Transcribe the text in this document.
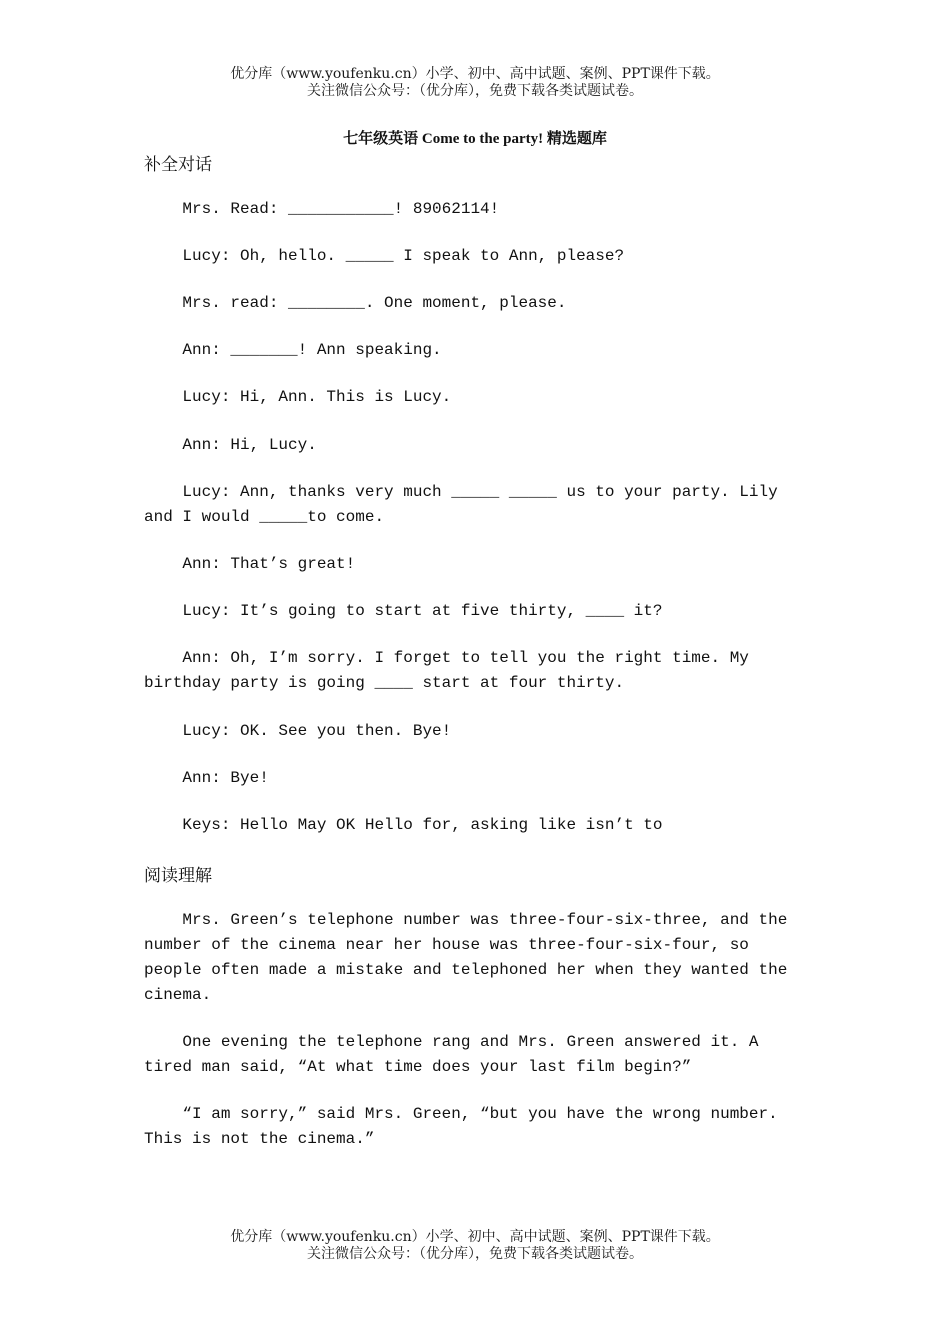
优分库（www.youfenku.cn）小学、初中、高中试题、案例、PPT课件下载。
关注微信公众号：（优分库），免费下载各类试题试卷。
七年级英语 Come to the party! 精选题库
补全对话

Mrs. Read: ___________! 89062114!

Lucy: Oh, hello. _____ I speak to Ann, please?

Mrs. read: ________. One moment, please.

Ann: _______! Ann speaking.

Lucy: Hi, Ann. This is Lucy.

Ann: Hi, Lucy.

Lucy: Ann, thanks very much _____ _____ us to your party. Lily and I would _____to come.

Ann: That’s great!

Lucy: It’s going to start at five thirty, ____ it?

Ann: Oh, I’m sorry. I forget to tell you the right time. My birthday party is going ____ start at four thirty.

Lucy: OK. See you then. Bye!

Ann: Bye!

Keys: Hello May OK Hello for, asking like isn’t to

阅读理解

Mrs. Green’s telephone number was three-four-six-three, and the number of the cinema near her house was three-four-six-four, so people often made a mistake and telephoned her when they wanted the cinema.

One evening the telephone rang and Mrs. Green answered it. A tired man said, “At what time does your last film begin?”

“I am sorry,” said Mrs. Green, “but you have the wrong number. This is not the cinema.”

优分库（www.youfenku.cn）小学、初中、高中试题、案例、PPT课件下载。
关注微信公众号：（优分库），免费下载各类试题试卷。
